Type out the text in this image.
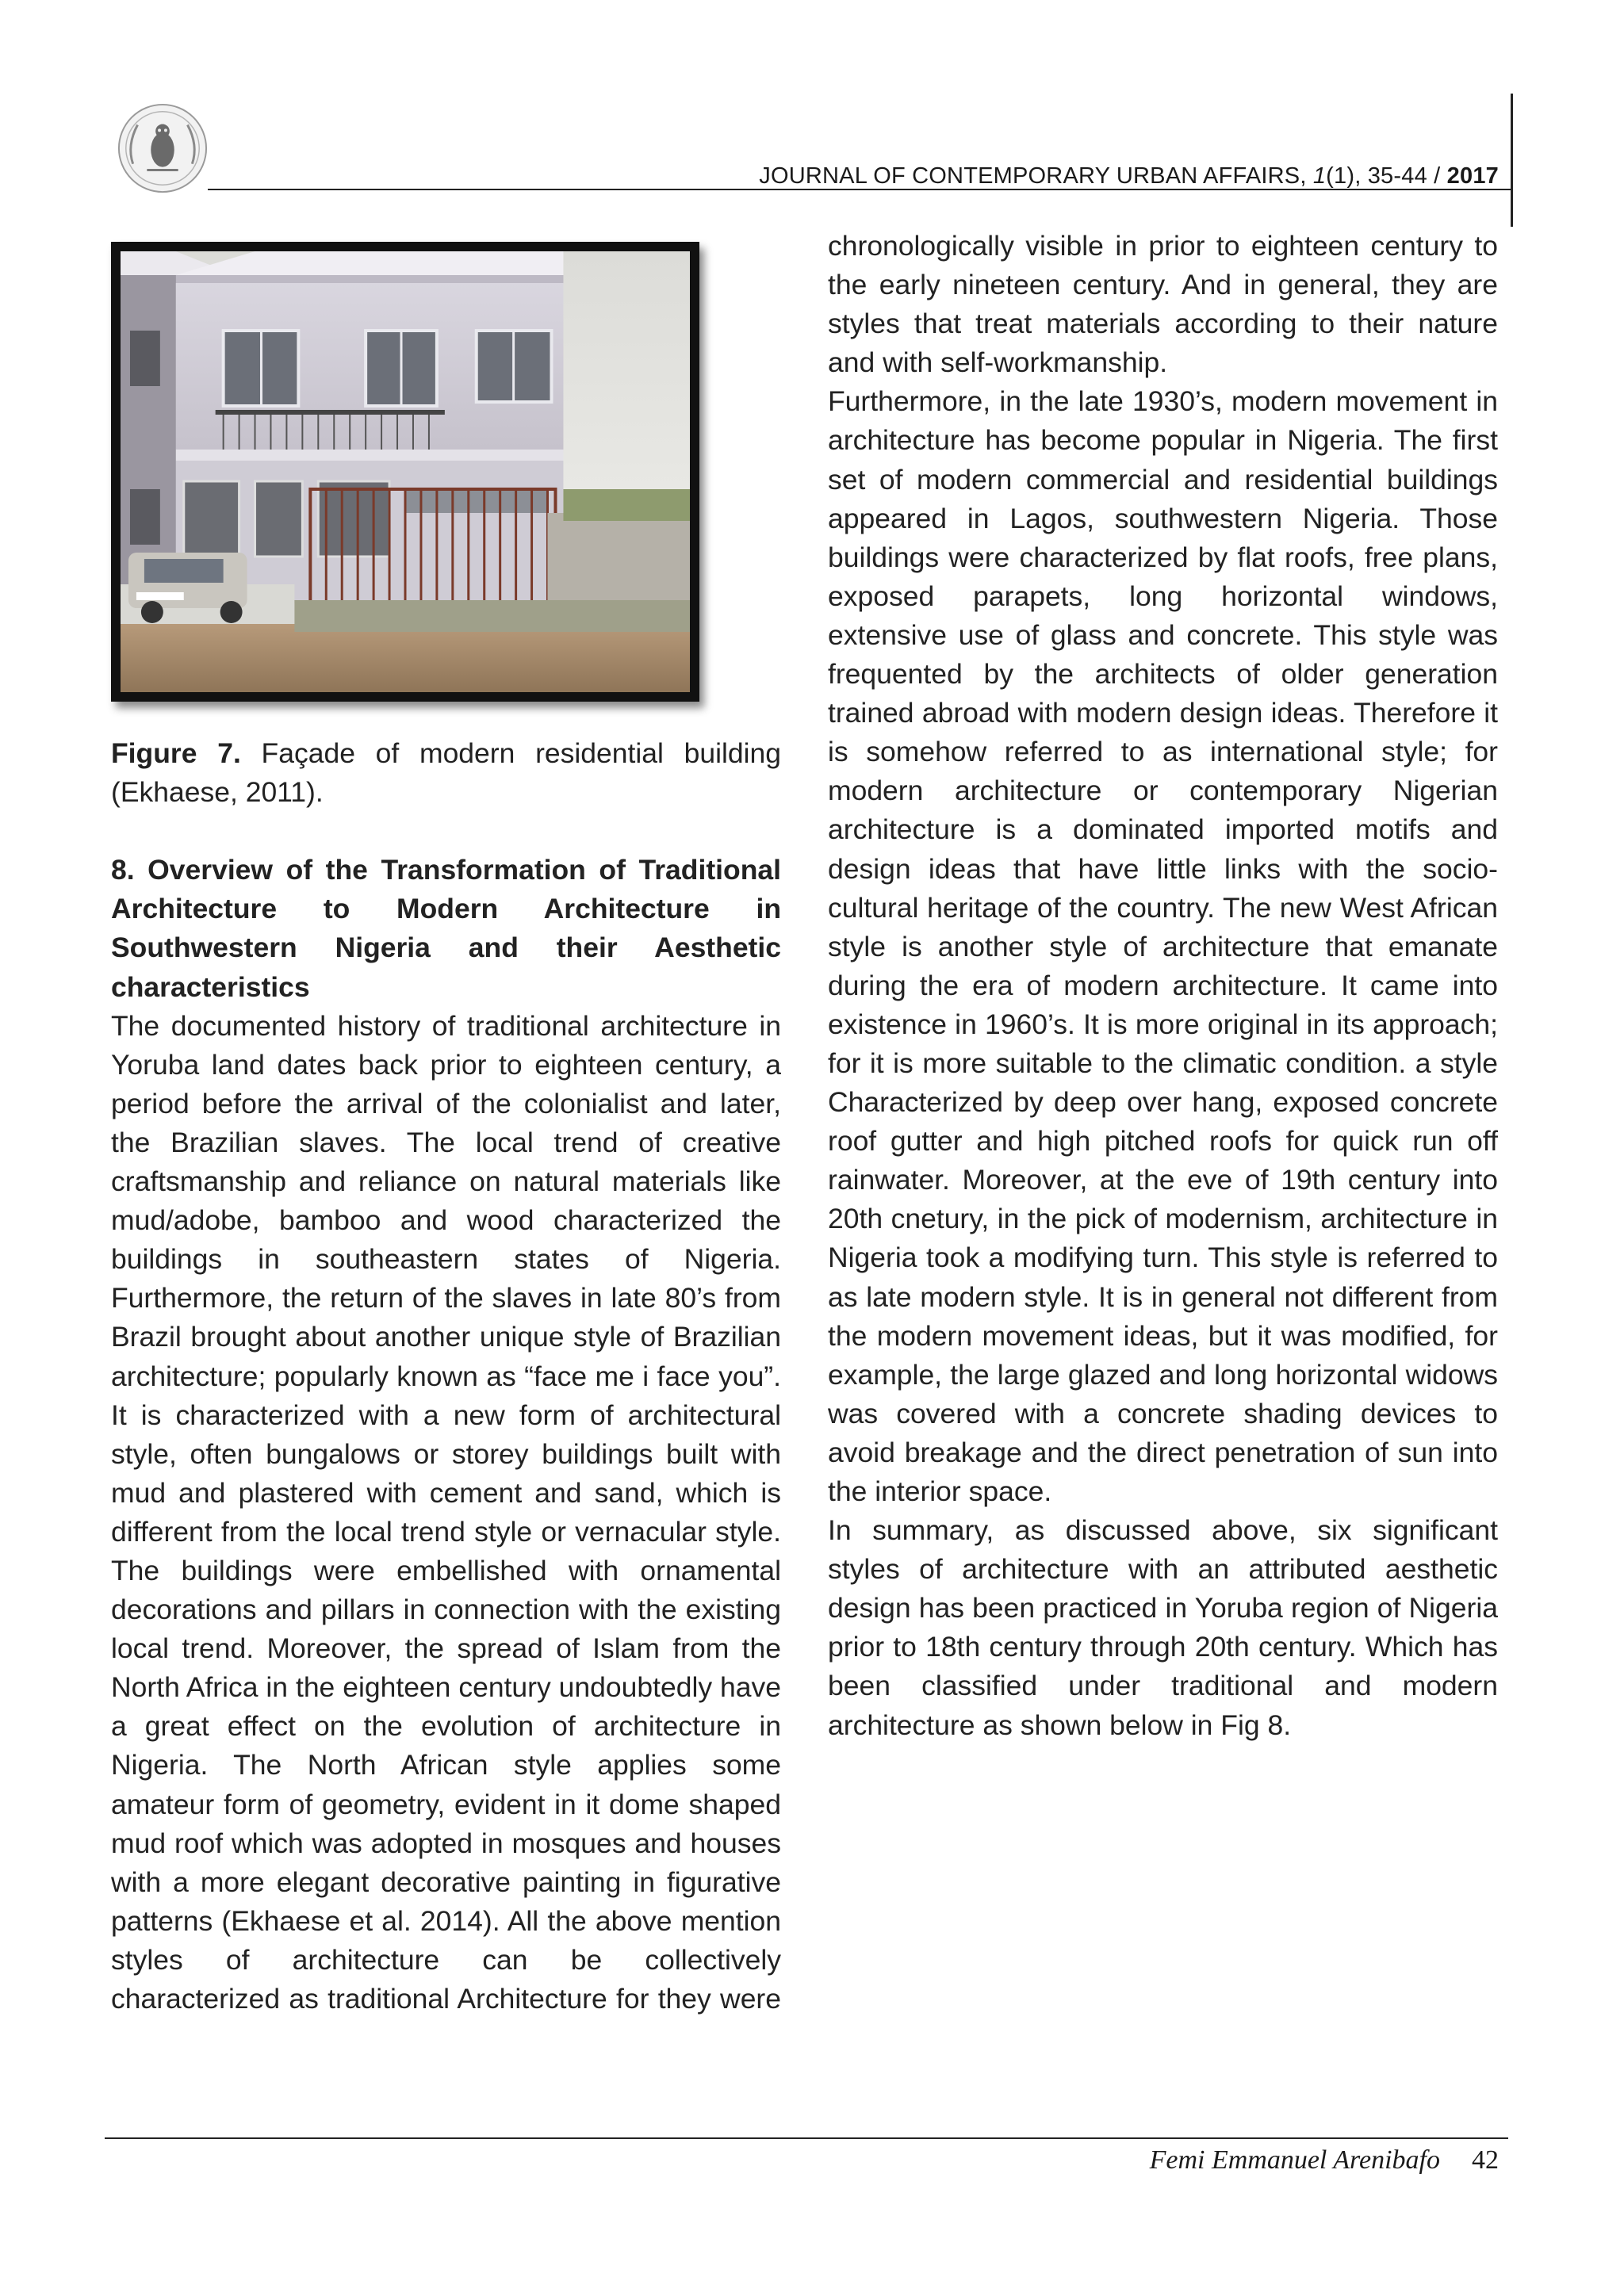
JOURNAL OF CONTEMPORARY URBAN AFFAIRS, 1(1), 35-44 / 2017

Figure 7. Façade of modern residential building (Ekhaese, 2011).

8. Overview of the Transformation of Traditional Architecture to Modern Architecture in Southwestern Nigeria and their Aesthetic characteristics

The documented history of traditional architecture in Yoruba land dates back prior to eighteen century, a period before the arrival of the colonialist and later, the Brazilian slaves. The local trend of creative craftsmanship and reliance on natural materials like mud/adobe, bamboo and wood characterized the buildings in southeastern states of Nigeria. Furthermore, the return of the slaves in late 80’s from Brazil brought about another unique style of Brazilian architecture; popularly known as “face me i face you”. It is characterized with a new form of architectural style, often bungalows or storey buildings built with mud and plastered with cement and sand, which is different from the local trend style or vernacular style. The buildings were embellished with ornamental decorations and pillars in connection with the existing local trend. Moreover, the spread of Islam from the North Africa in the eighteen century undoubtedly have a great effect on the evolution of architecture in Nigeria. The North African style applies some amateur form of geometry, evident in it dome shaped mud roof which was adopted in mosques and houses with a more elegant decorative painting in figurative patterns (Ekhaese et al. 2014). All the above mention styles of architecture can be collectively characterized as traditional Architecture for they were

chronologically visible in prior to eighteen century to the early nineteen century. And in general, they are styles that treat materials according to their nature and with self-workmanship.

Furthermore, in the late 1930’s, modern movement in architecture has become popular in Nigeria. The first set of modern commercial and residential buildings appeared in Lagos, southwestern Nigeria. Those buildings were characterized by flat roofs, free plans, exposed parapets, long horizontal windows, extensive use of glass and concrete. This style was frequented by the architects of older generation trained abroad with modern design ideas. Therefore it is somehow referred to as international style; for modern architecture or contemporary Nigerian architecture is a dominated imported motifs and design ideas that have little links with the socio-cultural heritage of the country. The new West African style is another style of architecture that emanate during the era of modern architecture. It came into existence in 1960’s. It is more original in its approach; for it is more suitable to the climatic condition. a style Characterized by deep over hang, exposed concrete roof gutter and high pitched roofs for quick run off rainwater. Moreover, at the eve of 19th century into 20th cnetury, in the pick of modernism, architecture in Nigeria took a modifying turn. This style is referred to as late modern style. It is in general not different from the modern movement ideas, but it was modified, for example, the large glazed and long horizontal widows was covered with a concrete shading devices to avoid breakage and the direct penetration of sun into the interior space.

In summary, as discussed above, six significant styles of architecture with an attributed aesthetic design has been practiced in Yoruba region of Nigeria prior to 18th century through 20th century. Which has been classified under traditional and modern architecture as shown below in Fig 8.

Femi Emmanuel Arenibafo 42
